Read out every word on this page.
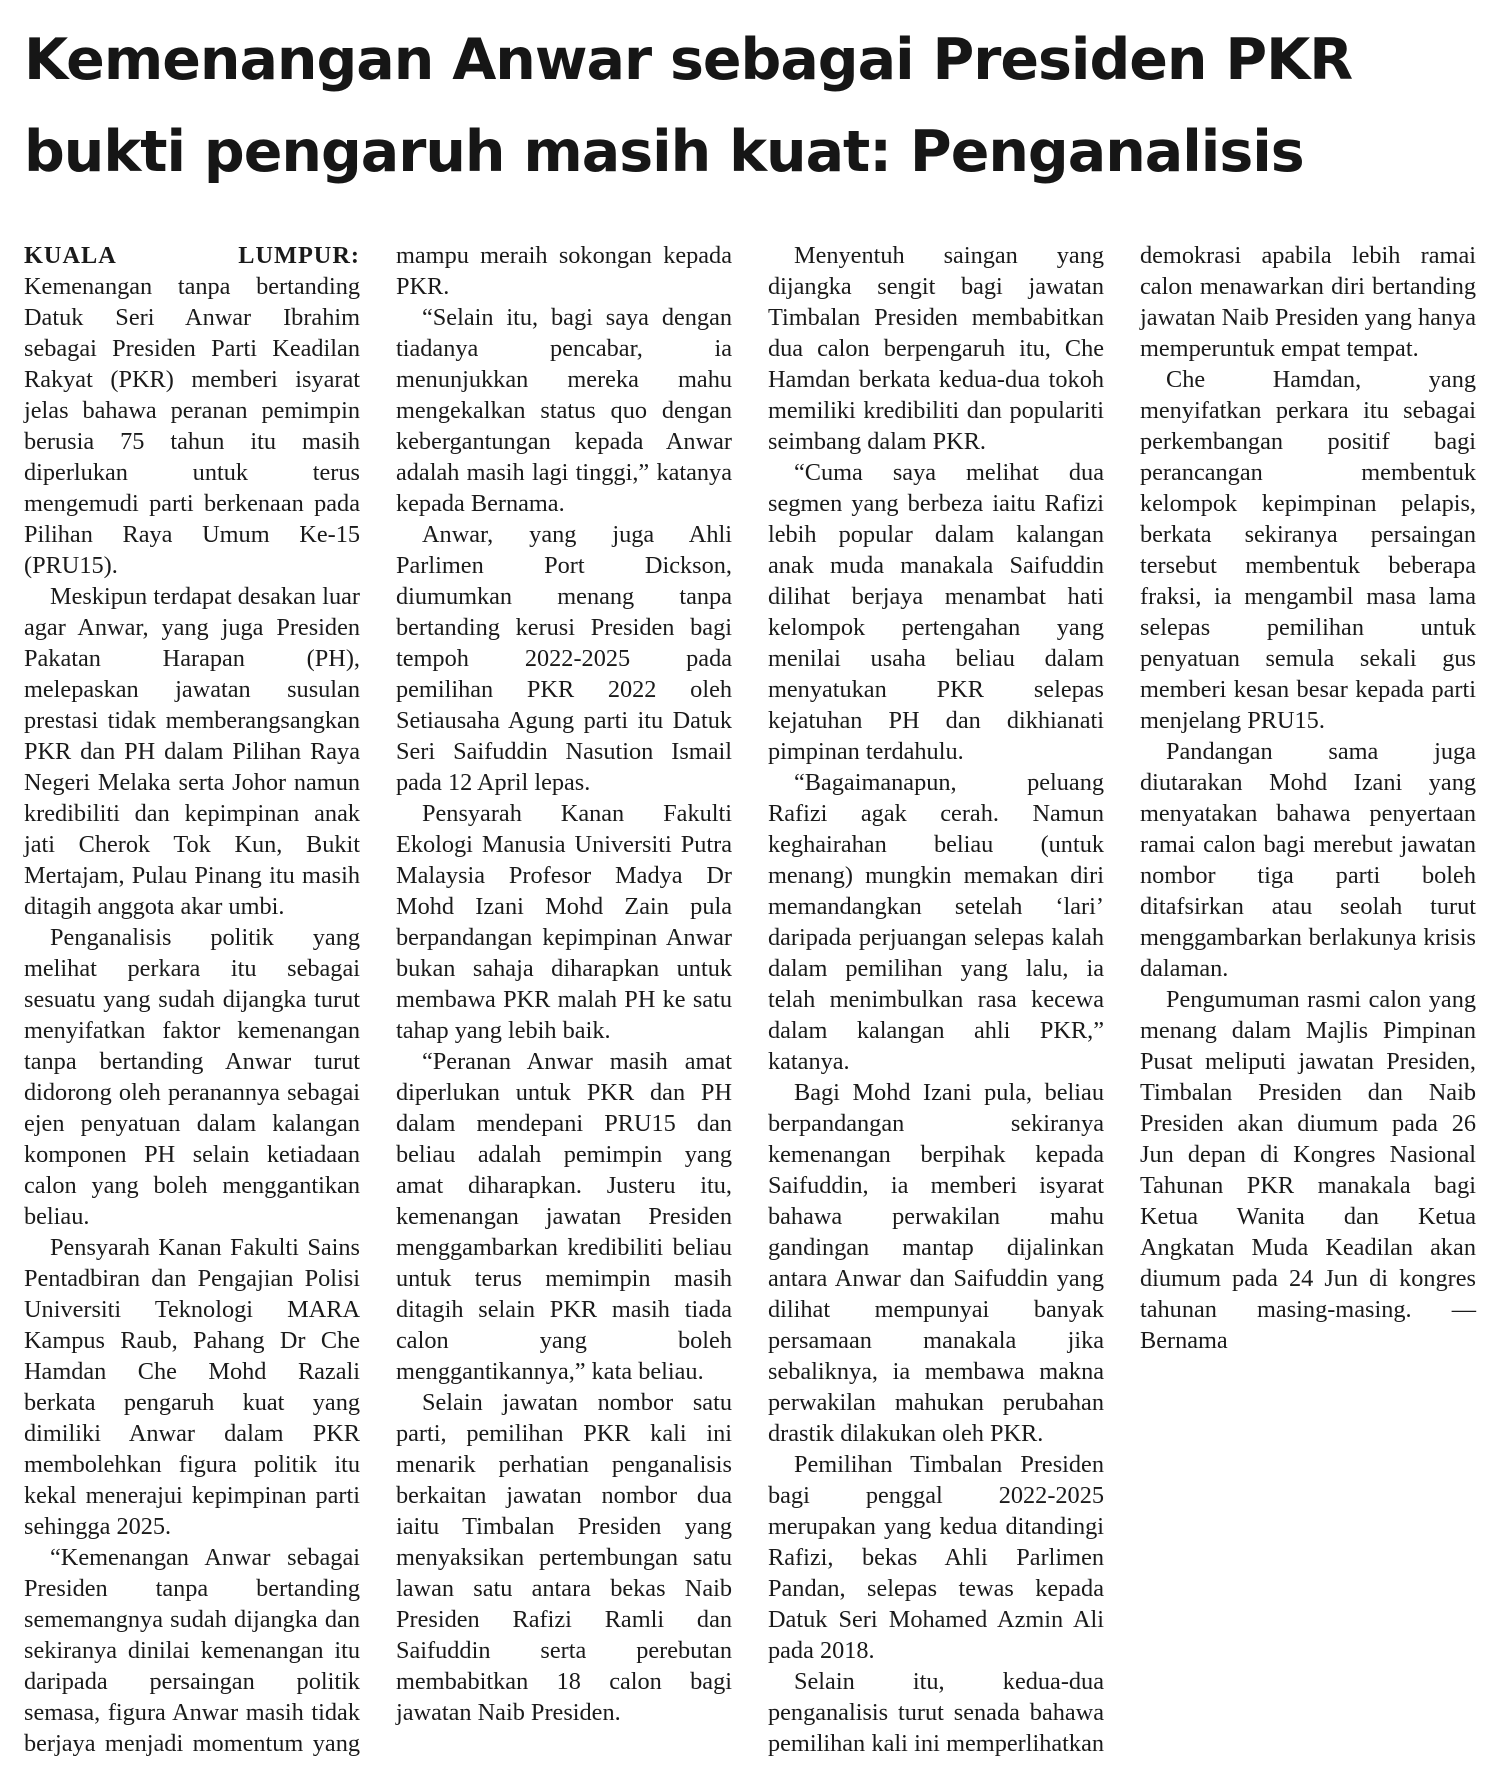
Kemenangan Anwar sebagai Presiden PKR
bukti pengaruh masih kuat: Penganalisis

KUALA LUMPUR: Kemenangan tanpa bertanding Datuk Seri Anwar Ibrahim sebagai Presiden Parti Keadilan Rakyat (PKR) memberi isyarat jelas bahawa peranan pemimpin berusia 75 tahun itu masih diperlukan untuk terus mengemudi parti berkenaan pada Pilihan Raya Umum Ke-15 (PRU15).

Meskipun terdapat desakan luar agar Anwar, yang juga Presiden Pakatan Harapan (PH), melepaskan jawatan susulan prestasi tidak memberangsangkan PKR dan PH dalam Pilihan Raya Negeri Melaka serta Johor namun kredibiliti dan kepimpinan anak jati Cherok Tok Kun, Bukit Mertajam, Pulau Pinang itu masih ditagih anggota akar umbi.

Penganalisis politik yang melihat perkara itu sebagai sesuatu yang sudah dijangka turut menyifatkan faktor kemenangan tanpa bertanding Anwar turut didorong oleh peranannya sebagai ejen penyatuan dalam kalangan komponen PH selain ketiadaan calon yang boleh menggantikan beliau.

Pensyarah Kanan Fakulti Sains Pentadbiran dan Pengajian Polisi Universiti Teknologi MARA Kampus Raub, Pahang Dr Che Hamdan Che Mohd Razali berkata pengaruh kuat yang dimiliki Anwar dalam PKR membolehkan figura politik itu kekal menerajui kepimpinan parti sehingga 2025.

“Kemenangan Anwar sebagai Presiden tanpa bertanding sememangnya sudah dijangka dan sekiranya dinilai kemenangan itu daripada persaingan politik semasa, figura Anwar masih tidak berjaya menjadi momentum yang mampu meraih sokongan kepada PKR.

“Selain itu, bagi saya dengan tiadanya pencabar, ia menunjukkan mereka mahu mengekalkan status quo dengan kebergantungan kepada Anwar adalah masih lagi tinggi,” katanya kepada Bernama.

Anwar, yang juga Ahli Parlimen Port Dickson, diumumkan menang tanpa bertanding kerusi Presiden bagi tempoh 2022-2025 pada pemilihan PKR 2022 oleh Setiausaha Agung parti itu Datuk Seri Saifuddin Nasution Ismail pada 12 April lepas.

Pensyarah Kanan Fakulti Ekologi Manusia Universiti Putra Malaysia Profesor Madya Dr Mohd Izani Mohd Zain pula berpandangan kepimpinan Anwar bukan sahaja diharapkan untuk membawa PKR malah PH ke satu tahap yang lebih baik.

“Peranan Anwar masih amat diperlukan untuk PKR dan PH dalam mendepani PRU15 dan beliau adalah pemimpin yang amat diharapkan. Justeru itu, kemenangan jawatan Presiden menggambarkan kredibiliti beliau untuk terus memimpin masih ditagih selain PKR masih tiada calon yang boleh menggantikannya,” kata beliau.

Selain jawatan nombor satu parti, pemilihan PKR kali ini menarik perhatian penganalisis berkaitan jawatan nombor dua iaitu Timbalan Presiden yang menyaksikan pertembungan satu lawan satu antara bekas Naib Presiden Rafizi Ramli dan Saifuddin serta perebutan membabitkan 18 calon bagi jawatan Naib Presiden.

Menyentuh saingan yang dijangka sengit bagi jawatan Timbalan Presiden membabitkan dua calon berpengaruh itu, Che Hamdan berkata kedua-dua tokoh memiliki kredibiliti dan populariti seimbang dalam PKR.

“Cuma saya melihat dua segmen yang berbeza iaitu Rafizi lebih popular dalam kalangan anak muda manakala Saifuddin dilihat berjaya menambat hati kelompok pertengahan yang menilai usaha beliau dalam menyatukan PKR selepas kejatuhan PH dan dikhianati pimpinan terdahulu.

“Bagaimanapun, peluang Rafizi agak cerah. Namun keghairahan beliau (untuk menang) mungkin memakan diri memandangkan setelah ‘lari’ daripada perjuangan selepas kalah dalam pemilihan yang lalu, ia telah menimbulkan rasa kecewa dalam kalangan ahli PKR,” katanya.

Bagi Mohd Izani pula, beliau berpandangan sekiranya kemenangan berpihak kepada Saifuddin, ia memberi isyarat bahawa perwakilan mahu gandingan mantap dijalinkan antara Anwar dan Saifuddin yang dilihat mempunyai banyak persamaan manakala jika sebaliknya, ia membawa makna perwakilan mahukan perubahan drastik dilakukan oleh PKR.

Pemilihan Timbalan Presiden bagi penggal 2022-2025 merupakan yang kedua ditandingi Rafizi, bekas Ahli Parlimen Pandan, selepas tewas kepada Datuk Seri Mohamed Azmin Ali pada 2018.

Selain itu, kedua-dua penganalisis turut senada bahawa pemilihan kali ini memperlihatkan demokrasi apabila lebih ramai calon menawarkan diri bertanding jawatan Naib Presiden yang hanya memperuntuk empat tempat.

Che Hamdan, yang menyifatkan perkara itu sebagai perkembangan positif bagi perancangan membentuk kelompok kepimpinan pelapis, berkata sekiranya persaingan tersebut membentuk beberapa fraksi, ia mengambil masa lama selepas pemilihan untuk penyatuan semula sekali gus memberi kesan besar kepada parti menjelang PRU15.

Pandangan sama juga diutarakan Mohd Izani yang menyatakan bahawa penyertaan ramai calon bagi merebut jawatan nombor tiga parti boleh ditafsirkan atau seolah turut menggambarkan berlakunya krisis dalaman.

Pengumuman rasmi calon yang menang dalam Majlis Pimpinan Pusat meliputi jawatan Presiden, Timbalan Presiden dan Naib Presiden akan diumum pada 26 Jun depan di Kongres Nasional Tahunan PKR manakala bagi Ketua Wanita dan Ketua Angkatan Muda Keadilan akan diumum pada 24 Jun di kongres tahunan masing-masing. — Bernama
